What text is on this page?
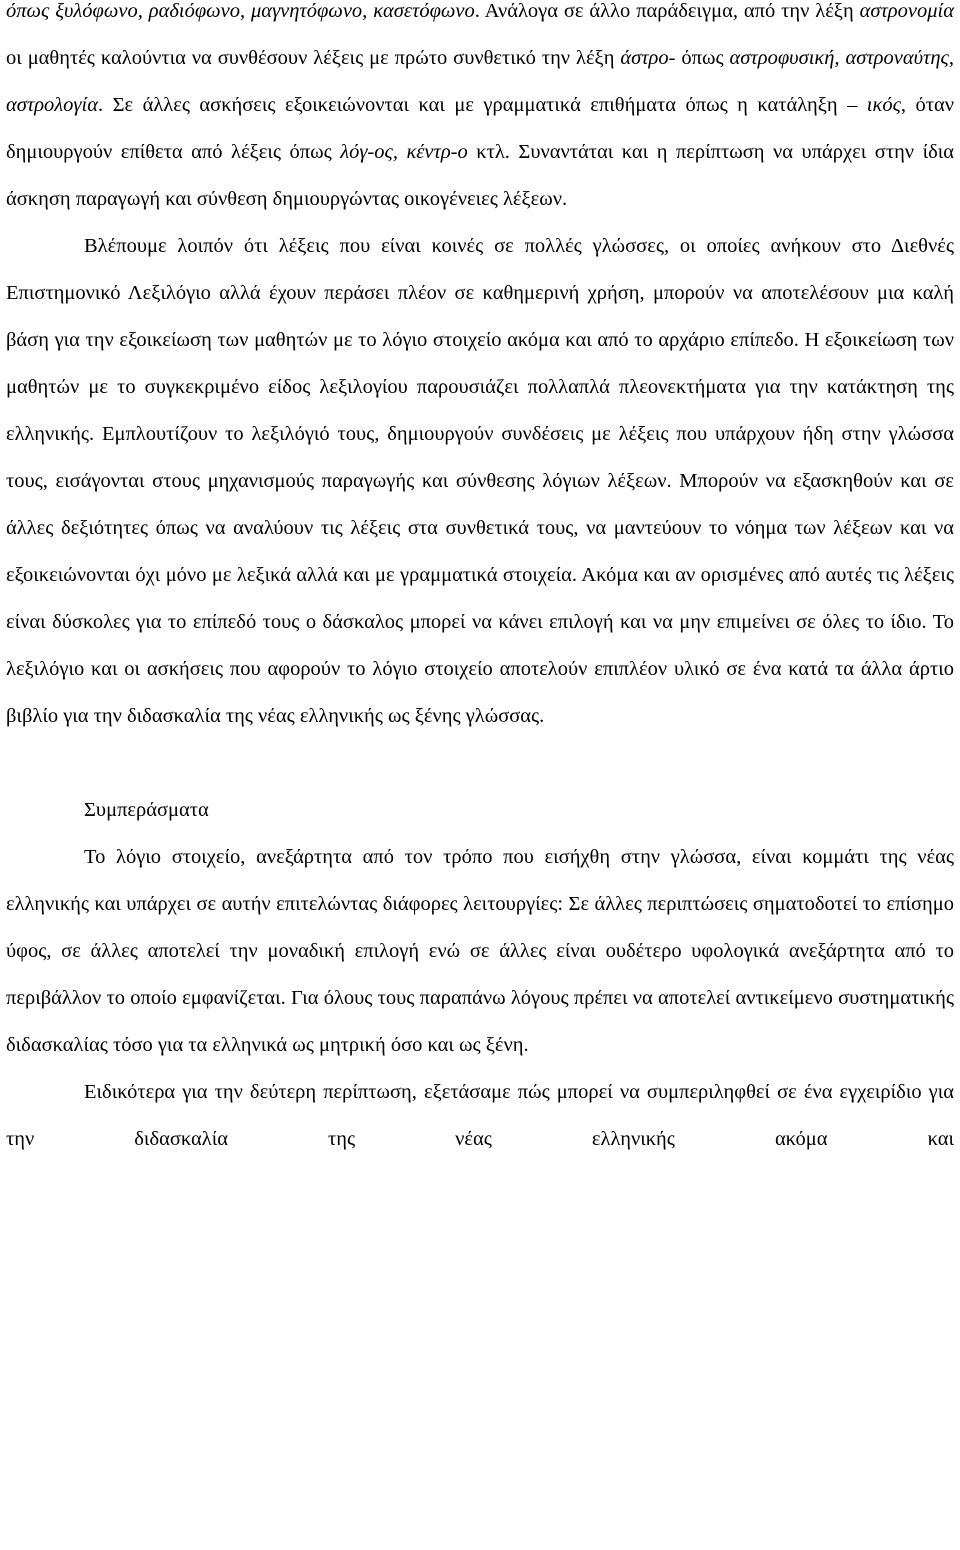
όπως ξυλόφωνο, ραδιόφωνο, μαγνητόφωνο, κασετόφωνο. Ανάλογα σε άλλο παράδειγμα, από την λέξη αστρονομία οι μαθητές καλούντια να συνθέσουν λέξεις με πρώτο συνθετικό την λέξη άστρο- όπως αστροφυσική, αστροναύτης, αστρολογία. Σε άλλες ασκήσεις εξοικειώνονται και με γραμματικά επιθήματα όπως η κατάληξη – ικός, όταν δημιουργούν επίθετα από λέξεις όπως λόγ-ος, κέντρ-ο κτλ. Συναντάται και η περίπτωση να υπάρχει στην ίδια άσκηση παραγωγή και σύνθεση δημιουργώντας οικογένειες λέξεων.

Βλέπουμε λοιπόν ότι λέξεις που είναι κοινές σε πολλές γλώσσες, οι οποίες ανήκουν στο Διεθνές Επιστημονικό Λεξιλόγιο αλλά έχουν περάσει πλέον σε καθημερινή χρήση, μπορούν να αποτελέσουν μια καλή βάση για την εξοικείωση των μαθητών με το λόγιο στοιχείο ακόμα και από το αρχάριο επίπεδο. Η εξοικείωση των μαθητών με το συγκεκριμένο είδος λεξιλογίου παρουσιάζει πολλαπλά πλεονεκτήματα για την κατάκτηση της ελληνικής. Εμπλουτίζουν το λεξιλόγιό τους, δημιουργούν συνδέσεις με λέξεις που υπάρχουν ήδη στην γλώσσα τους, εισάγονται στους μηχανισμούς παραγωγής και σύνθεσης λόγιων λέξεων. Μπορούν να εξασκηθούν και σε άλλες δεξιότητες όπως να αναλύουν τις λέξεις στα συνθετικά τους, να μαντεύουν το νόημα των λέξεων και να εξοικειώνονται όχι μόνο με λεξικά αλλά και με γραμματικά στοιχεία. Ακόμα και αν ορισμένες από αυτές τις λέξεις είναι δύσκολες για το επίπεδό τους ο δάσκαλος μπορεί να κάνει επιλογή και να μην επιμείνει σε όλες το ίδιο. Το λεξιλόγιο και οι ασκήσεις που αφορούν το λόγιο στοιχείο αποτελούν επιπλέον υλικό σε ένα κατά τα άλλα άρτιο βιβλίο για την διδασκαλία της νέας ελληνικής ως ξένης γλώσσας.

Συμπεράσματα

Το λόγιο στοιχείο, ανεξάρτητα από τον τρόπο που εισήχθη στην γλώσσα, είναι κομμάτι της νέας ελληνικής και υπάρχει σε αυτήν επιτελώντας διάφορες λειτουργίες: Σε άλλες περιπτώσεις σηματοδοτεί το επίσημο ύφος, σε άλλες αποτελεί την μοναδική επιλογή ενώ σε άλλες είναι ουδέτερο υφολογικά ανεξάρτητα από το περιβάλλον το οποίο εμφανίζεται. Για όλους τους παραπάνω λόγους πρέπει να αποτελεί αντικείμενο συστηματικής διδασκαλίας τόσο για τα ελληνικά ως μητρική όσο και ως ξένη.

Ειδικότερα για την δεύτερη περίπτωση, εξετάσαμε πώς μπορεί να συμπεριληφθεί σε ένα εγχειρίδιο για την διδασκαλία της νέας ελληνικής ακόμα και
